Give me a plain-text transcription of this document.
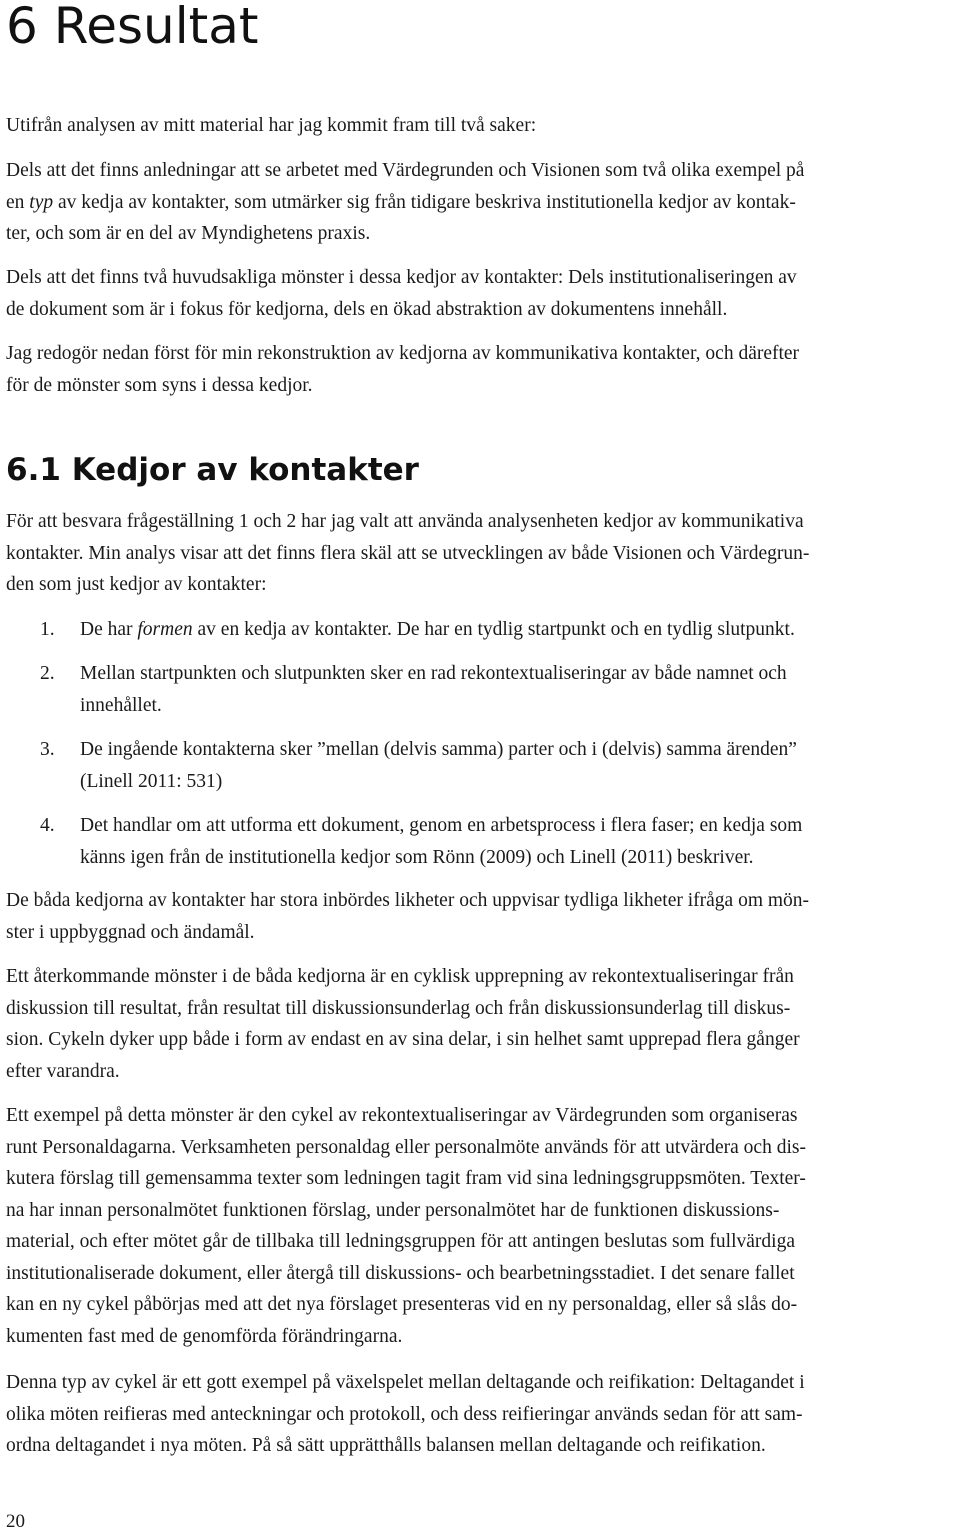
6 Resultat

Utifrån analysen av mitt material har jag kommit fram till två saker:

Dels att det finns anledningar att se arbetet med Värdegrunden och Visionen som två olika exempel på
en typ av kedja av kontakter, som utmärker sig från tidigare beskriva institutionella kedjor av kontak-
ter, och som är en del av Myndighetens praxis.

Dels att det finns två huvudsakliga mönster i dessa kedjor av kontakter: Dels institutionaliseringen av
de dokument som är i fokus för kedjorna, dels en ökad abstraktion av dokumentens innehåll.

Jag redogör nedan först för min rekonstruktion av kedjorna av kommunikativa kontakter, och därefter
för de mönster som syns i dessa kedjor.

6.1 Kedjor av kontakter

För att besvara frågeställning 1 och 2 har jag valt att använda analysenheten kedjor av kommunikativa
kontakter. Min analys visar att det finns flera skäl att se utvecklingen av både Visionen och Värdegrun-
den som just kedjor av kontakter:

1. De har formen av en kedja av kontakter. De har en tydlig startpunkt och en tydlig slutpunkt.
2. Mellan startpunkten och slutpunkten sker en rad rekontextualiseringar av både namnet och
innehållet.
3. De ingående kontakterna sker ”mellan (delvis samma) parter och i (delvis) samma ärenden”
(Linell 2011: 531)
4. Det handlar om att utforma ett dokument, genom en arbetsprocess i flera faser; en kedja som
känns igen från de institutionella kedjor som Rönn (2009) och Linell (2011) beskriver.

De båda kedjorna av kontakter har stora inbördes likheter och uppvisar tydliga likheter ifråga om mön-
ster i uppbyggnad och ändamål.

Ett återkommande mönster i de båda kedjorna är en cyklisk upprepning av rekontextualiseringar från
diskussion till resultat, från resultat till diskussionsunderlag och från diskussionsunderlag till diskus-
sion. Cykeln dyker upp både i form av endast en av sina delar, i sin helhet samt upprepad flera gånger
efter varandra.

Ett exempel på detta mönster är den cykel av rekontextualiseringar av Värdegrunden som organiseras
runt Personaldagarna. Verksamheten personaldag eller personalmöte används för att utvärdera och dis-
kutera förslag till gemensamma texter som ledningen tagit fram vid sina ledningsgruppsmöten. Texter-
na har innan personalmötet funktionen förslag, under personalmötet har de funktionen diskussions-
material, och efter mötet går de tillbaka till ledningsgruppen för att antingen beslutas som fullvärdiga
institutionaliserade dokument, eller återgå till diskussions- och bearbetningsstadiet. I det senare fallet
kan en ny cykel påbörjas med att det nya förslaget presenteras vid en ny personaldag, eller så slås do-
kumenten fast med de genomförda förändringarna.

Denna typ av cykel är ett gott exempel på växelspelet mellan deltagande och reifikation: Deltagandet i
olika möten reifieras med anteckningar och protokoll, och dess reifieringar används sedan för att sam-
ordna deltagandet i nya möten. På så sätt upprätthålls balansen mellan deltagande och reifikation.

20
